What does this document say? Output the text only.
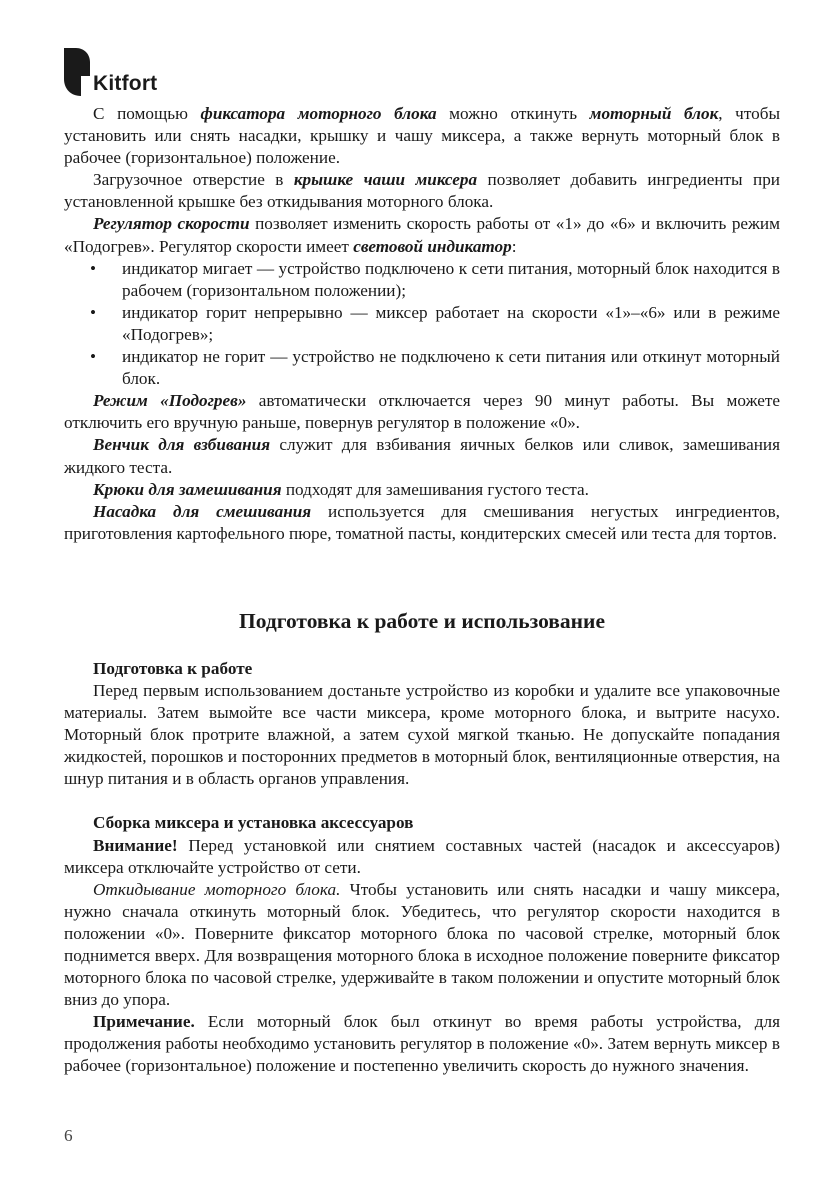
Kitfort

С помощью фиксатора моторного блока можно откинуть моторный блок, чтобы установить или снять насадки, крышку и чашу миксера, а также вернуть моторный блок в рабочее (горизонтальное) положение.

Загрузочное отверстие в крышке чаши миксера позволяет добавить ингредиенты при установленной крышке без откидывания моторного блока.

Регулятор скорости позволяет изменить скорость работы от «1» до «6» и включить режим «Подогрев». Регулятор скорости имеет световой индикатор:

• индикатор мигает — устройство подключено к сети питания, моторный блок находится в рабочем (горизонтальном положении);
• индикатор горит непрерывно — миксер работает на скорости «1»–«6» или в режиме «Подогрев»;
• индикатор не горит — устройство не подключено к сети питания или откинут моторный блок.

Режим «Подогрев» автоматически отключается через 90 минут работы. Вы можете отключить его вручную раньше, повернув регулятор в положение «0».

Венчик для взбивания служит для взбивания яичных белков или сливок, замешивания жидкого теста.

Крюки для замешивания подходят для замешивания густого теста.

Насадка для смешивания используется для смешивания негустых ингредиентов, приготовления картофельного пюре, томатной пасты, кондитерских смесей или теста для тортов.

Подготовка к работе и использование
Подготовка к работе

Перед первым использованием достаньте устройство из коробки и удалите все упаковочные материалы. Затем вымойте все части миксера, кроме моторного блока, и вытрите насухо. Моторный блок протрите влажной, а затем сухой мягкой тканью. Не допускайте попадания жидкостей, порошков и посторонних предметов в моторный блок, вентиляционные отверстия, на шнур питания и в область органов управления.

Сборка миксера и установка аксессуаров

Внимание! Перед установкой или снятием составных частей (насадок и аксессуаров) миксера отключайте устройство от сети.

Откидывание моторного блока. Чтобы установить или снять насадки и чашу миксера, нужно сначала откинуть моторный блок. Убедитесь, что регулятор скорости находится в положении «0». Поверните фиксатор моторного блока по часовой стрелке, моторный блок поднимется вверх. Для возвращения моторного блока в исходное положение поверните фиксатор моторного блока по часовой стрелке, удерживайте в таком положении и опустите моторный блок вниз до упора.

Примечание. Если моторный блок был откинут во время работы устройства, для продолжения работы необходимо установить регулятор в положение «0». Затем вернуть миксер в рабочее (горизонтальное) положение и постепенно увеличить скорость до нужного значения.

6
